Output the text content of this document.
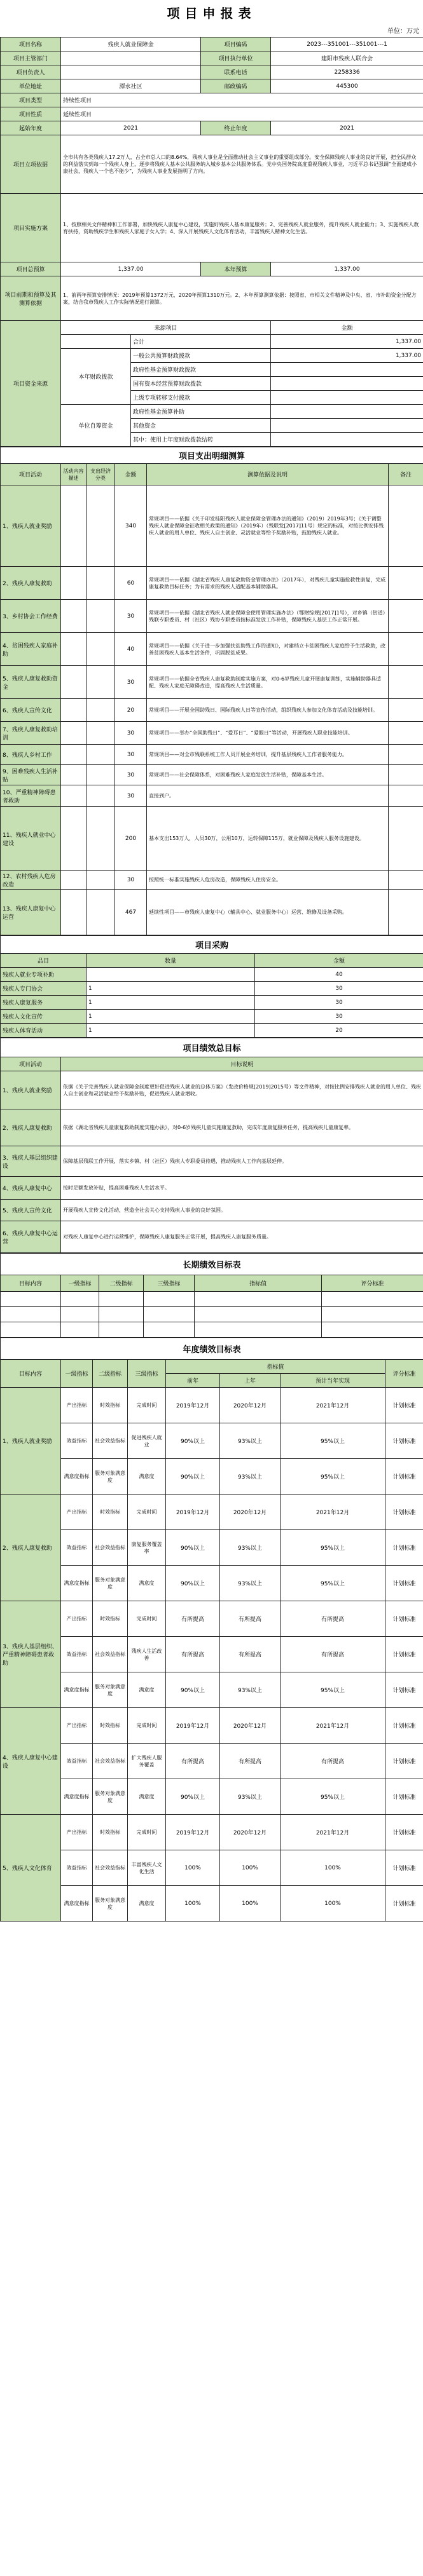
项目申报表
单位：万元
项目名称	残疾人就业保障金		项目编码	2023---351001---351001---1
项目主管部门			项目执行单位	建阳市残疾人联合会
项目负责人			联系电话	2258336
单位地址	潭水社区		邮政编码	445300
项目类型	持续性项目			
项目性质	延续性项目			
起始年度	2021		终止年度	2021
项目立项依据	全市共有各类残疾人17.2万人，占全市总人口的8.64%，残疾人事业是全面推动社会主义事业的重要组成部分。安全保障残疾人事业的良好开展，把全民群众的利益落实到每一个残疾人身上，逐步将残疾人基本公共服务纳入城乡基本公共服务体系。党中央国务院高度重视残疾人事业，习近平总书记强调“全面建成小康社会，残疾人一个也不能少”，为残疾人事业发展指明了方向。			
项目实施方案	1、按照相关文件精神和工作部署，加快残疾人康复中心建设，实施好残疾人基本康复服务；2、完善残疾人就业服务，提升残疾人就业能力；3、实施残疾人教育扶持，资助残疾学生和残疾人家庭子女入学；4、深入开展残疾人文化体育活动，丰富残疾人精神文化生活。			
项目总预算	1,337.00		本年预算	1,337.00
项目前期和预算及其测算依据	1、前两年预算安排情况：2019年预算1372万元，2020年预算1310万元。2、本年预算测算依据：按照省、市相关文件精神及中央、省、市补助资金分配方案，结合我市残疾人工作实际情况进行测算。			
项目资金来源	来源项目			金额
		合计		1,337.00
	本年财政拨款	一般公共预算财政拨款		1,337.00
		政府性基金预算财政拨款		
		国有资本经营预算财政拨款		
		上级专项转移支付拨款		
	单位自筹资金	政府性基金预算补助		
		其他资金		
		其中：使用上年度财政拨款结转		
项目支出明细测算					
项目活动	活动内容描述	支出经济分类	金额	测算依据及说明	备注
1、残疾人就业奖励			340	常规项目——依据《关于印发桂阳残疾人就业保障金管理办法的通知》（2019）2019年3号；《关于调整残疾人就业保障金征收相关政策的通知》（2019年）（残联发[2017]11号）规定的标准，对按比例安排残疾人就业的用人单位、残疾人自主创业、灵活就业等给予奖励补贴，鼓励残疾人就业。	
2、残疾人康复救助			60	常规项目——依据《湖北省残疾人康复救助资金管理办法》（2017年），对残疾儿童实施抢救性康复，完成康复救助目标任务；为有需求的残疾人适配基本辅助器具。	
3、乡村协会工作经费			30	常规项目——依据《湖北省残疾人就业保障金使用管理实施办法》（鄂财综规[2017]1号），对乡镇（街道）残联专职委员、村（社区）残协专职委员按标准发放工作补贴，保障残疾人基层工作正常开展。	
4、贫困残疾人家庭补助			40	常规项目——依据《关于进一步加强扶贫助残工作的通知》，对建档立卡贫困残疾人家庭给予生活救助，改善贫困残疾人基本生活条件，巩固脱贫成果。	
5、残疾人康复救助资金			30	常规项目——依据全省残疾人康复救助制度实施方案，对0-6岁残疾儿童开展康复训练，实施辅助器具适配、残疾人家庭无障碍改造，提高残疾人生活质量。	
6、残疾人宣传文化			20	常规项目——开展全国助残日、国际残疾人日等宣传活动，组织残疾人参加文化体育活动及技能培训。	
7、残疾人康复救助培训			30	常规项目——举办“全国助残日”、“爱耳日”、“爱眼日”等活动，开展残疾人职业技能培训。	
8、残疾人乡村工作			30	常规项目——对全市残联系统工作人员开展业务培训，提升基层残疾人工作者服务能力。	
9、困难残疾人生活补贴			30	常规项目——社会保障体系，对困难残疾人家庭发放生活补贴，保障基本生活。	
10、严重精神障碍患者救助			30	直接到户。	
11、残疾人就业中心建设			200	基本支出153万人，人员30万，公用10万，运转保障115万，就业保障及残疾人服务设施建设。	
12、农村残疾人危房改造			30	按照统一标准实施残疾人危房改造，保障残疾人住房安全。	
13、残疾人康复中心运营			467	延续性项目——市残疾人康复中心（辅具中心、就业服务中心）运营、维修及设备采购。	
项目采购		
品目	数量	金额
残疾人就业专项补助		40
残疾人专门协会	1	30
残疾人康复服务	1	30
残疾人文化宣传	1	30
残疾人体育活动	1	20
项目绩效总目标	
项目活动	目标说明
1、残疾人就业奖励	依据《关于完善残疾人就业保障金制度更好促进残疾人就业的总体方案》（发改价格规[2019]2015号）等文件精神，对按比例安排残疾人就业的用人单位、残疾人自主创业和灵活就业给予奖励补贴，促进残疾人就业增收。
2、残疾人康复救助	依据《湖北省残疾儿童康复救助制度实施办法》，对0-6岁残疾儿童实施康复救助，完成年度康复服务任务，提高残疾儿童康复率。
3、残疾人基层组织建设	保障基层残联工作开展，落实乡镇、村（社区）残疾人专职委员待遇，推动残疾人工作向基层延伸。
4、残疾人康复中心	按时足额发放补贴，提高困难残疾人生活水平。
5、残疾人宣传文化	开展残疾人宣传文化活动，营造全社会关心支持残疾人事业的良好氛围。
6、残疾人康复中心运营	对残疾人康复中心进行运营维护，保障残疾人康复服务正常开展，提高残疾人康复服务质量。
长期绩效目标表					
目标内容	一级指标	二级指标	三级指标	指标值	评分标准

年度绩效目标表							
目标内容	一级指标	二级指标	三级指标	指标值			评分标准
				前年	上年	预计当年实现	
1、残疾人就业奖励	产出指标	时效指标	完成时间	2019年12月	2020年12月	2021年12月	计划标准
	效益指标	社会效益指标	促进残疾人就业	90%以上	93%以上	95%以上	计划标准
	满意度指标	服务对象满意度	满意度	90%以上	93%以上	95%以上	计划标准
2、残疾人康复救助	产出指标	时效指标	完成时间	2019年12月	2020年12月	2021年12月	计划标准
	效益指标	社会效益指标	康复服务覆盖率	90%以上	93%以上	95%以上	计划标准
	满意度指标	服务对象满意度	满意度	90%以上	93%以上	95%以上	计划标准
3、残疾人基层组织、严重精神障碍患者救助	产出指标	时效指标	完成时间	有所提高	有所提高	有所提高	计划标准
	效益指标	社会效益指标	残疾人生活改善	有所提高	有所提高	有所提高	计划标准
	满意度指标	服务对象满意度	满意度	90%以上	93%以上	95%以上	计划标准
4、残疾人康复中心建设	产出指标	时效指标	完成时间	2019年12月	2020年12月	2021年12月	计划标准
	效益指标	社会效益指标	扩大残疾人服务覆盖	有所提高	有所提高	有所提高	计划标准
	满意度指标	服务对象满意度	满意度	90%以上	93%以上	95%以上	计划标准
5、残疾人文化体育	产出指标	时效指标	完成时间	2019年12月	2020年12月	2021年12月	计划标准
	效益指标	社会效益指标	丰富残疾人文化生活	100%	100%	100%	计划标准
	满意度指标	服务对象满意度	满意度	100%	100%	100%	计划标准
